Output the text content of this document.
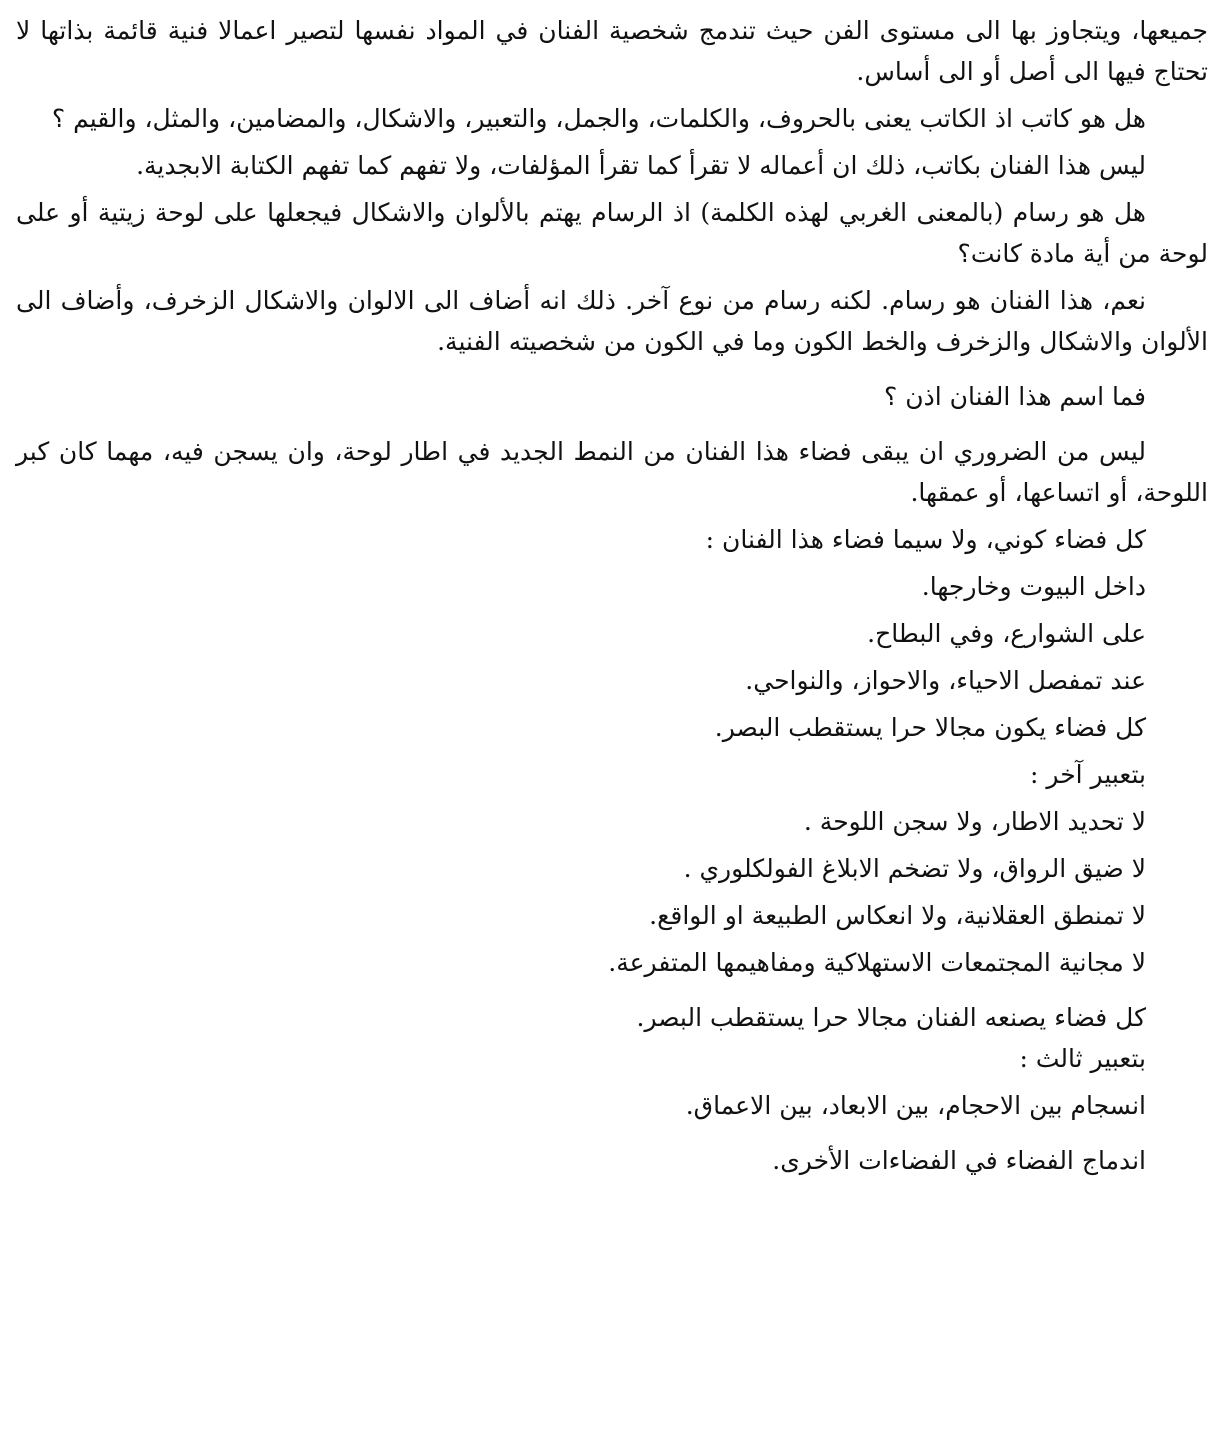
جميعها، ويتجاوز بها الى مستوى الفن حيث تندمج شخصية الفنان في المواد نفسها لتصير اعمالا فنية قائمة بذاتها لا تحتاج فيها الى أصل أو الى أساس.

هل هو كاتب اذ الكاتب يعنى بالحروف، والكلمات، والجمل، والتعبير، والاشكال، والمضامين، والمثل، والقيم ؟

ليس هذا الفنان بكاتب، ذلك ان أعماله لا تقرأ كما تقرأ المؤلفات، ولا تفهم كما تفهم الكتابة الابجدية.

هل هو رسام (بالمعنى الغربي لهذه الكلمة) اذ الرسام يهتم بالألوان والاشكال فيجعلها على لوحة زيتية أو على لوحة من أية مادة كانت؟

نعم، هذا الفنان هو رسام. لكنه رسام من نوع آخر. ذلك انه أضاف الى الالوان والاشكال الزخرف، وأضاف الى الألوان والاشكال والزخرف والخط الكون وما في الكون من شخصيته الفنية.

فما اسم هذا الفنان اذن ؟

ليس من الضروري ان يبقى فضاء هذا الفنان من النمط الجديد في اطار لوحة، وان يسجن فيه، مهما كان كبر اللوحة، أو اتساعها، أو عمقها.

كل فضاء كوني، ولا سيما فضاء هذا الفنان :

داخل البيوت وخارجها.

على الشوارع، وفي البطاح.

عند تمفصل الاحياء، والاحواز، والنواحي.

كل فضاء يكون مجالا حرا يستقطب البصر.

بتعبير آخر :

لا تحديد الاطار، ولا سجن اللوحة .

لا ضيق الرواق، ولا تضخم الابلاغ الفولكلوري .

لا تمنطق العقلانية، ولا انعكاس الطبيعة او الواقع.

لا مجانية المجتمعات الاستهلاكية ومفاهيمها المتفرعة.

كل فضاء يصنعه الفنان مجالا حرا يستقطب البصر.

بتعبير ثالث :

انسجام بين الاحجام، بين الابعاد، بين الاعماق.

اندماج الفضاء في الفضاءات الأخرى.
